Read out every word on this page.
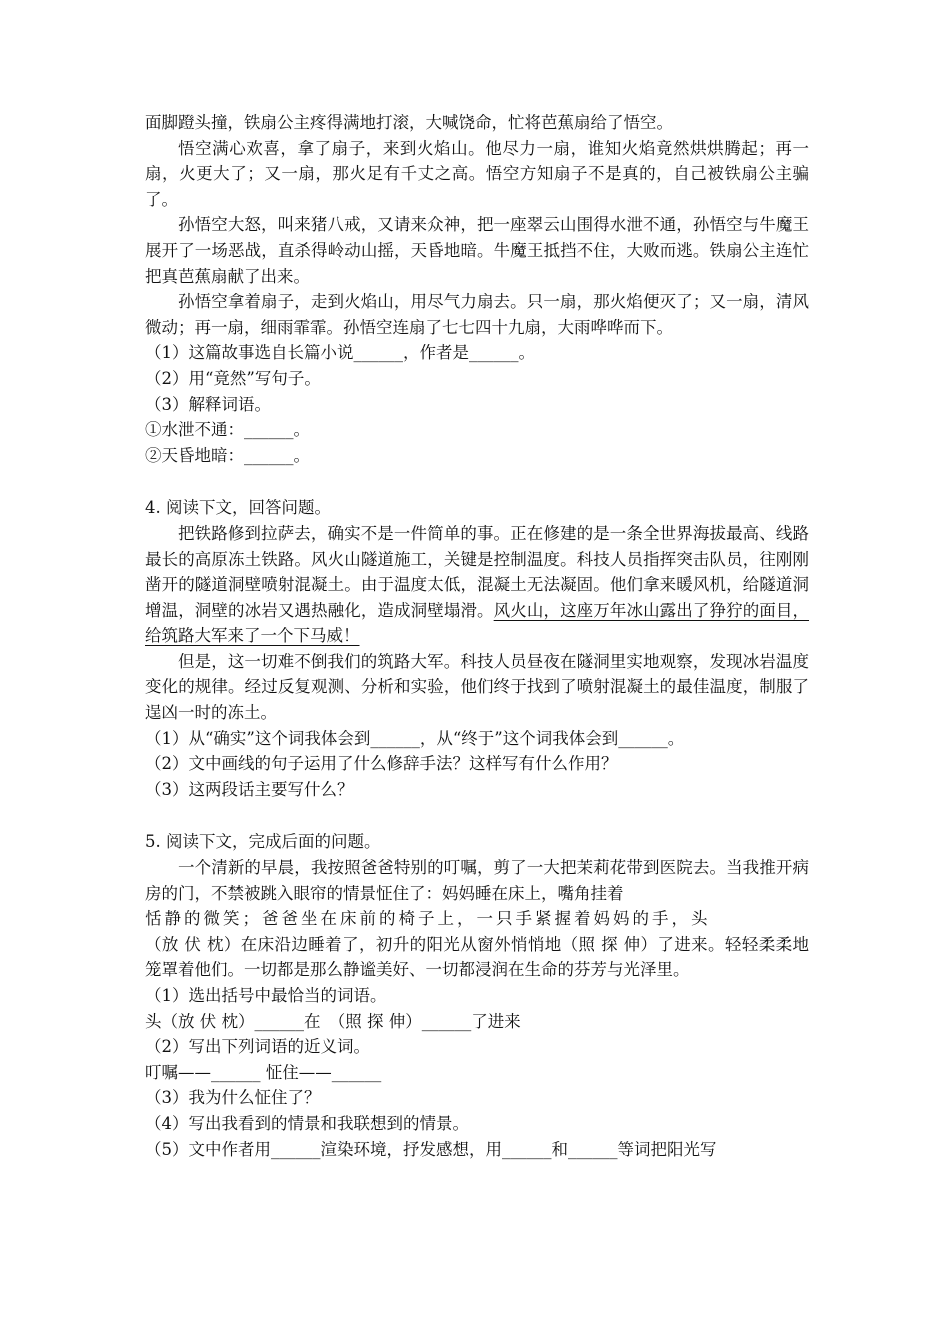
面脚蹬头撞，铁扇公主疼得满地打滚，大喊饶命，忙将芭蕉扇给了悟空。

悟空满心欢喜，拿了扇子，来到火焰山。他尽力一扇，谁知火焰竟然烘烘腾起；再一扇，火更大了；又一扇，那火足有千丈之高。悟空方知扇子不是真的，自己被铁扇公主骗了。

孙悟空大怒，叫来猪八戒，又请来众神，把一座翠云山围得水泄不通，孙悟空与牛魔王展开了一场恶战，直杀得岭动山摇，天昏地暗。牛魔王抵挡不住，大败而逃。铁扇公主连忙把真芭蕉扇献了出来。

孙悟空拿着扇子，走到火焰山，用尽气力扇去。只一扇，那火焰便灭了；又一扇，清风微动；再一扇，细雨霏霏。孙悟空连扇了七七四十九扇，大雨哗哗而下。

（1）这篇故事选自长篇小说______，作者是______。

（2）用“竟然”写句子。

（3）解释词语。

①水泄不通：______。

②天昏地暗：______。

4. 阅读下文，回答问题。

把铁路修到拉萨去，确实不是一件简单的事。正在修建的是一条全世界海拔最高、线路最长的高原冻土铁路。风火山隧道施工，关键是控制温度。科技人员指挥突击队员，往刚刚凿开的隧道洞壁喷射混凝土。由于温度太低，混凝土无法凝固。他们拿来暖风机，给隧道洞增温，洞壁的冰岩又遇热融化，造成洞壁塌滑。风火山，这座万年冰山露出了狰狞的面目，给筑路大军来了一个下马威！

但是，这一切难不倒我们的筑路大军。科技人员昼夜在隧洞里实地观察，发现冰岩温度变化的规律。经过反复观测、分析和实验，他们终于找到了喷射混凝土的最佳温度，制服了逞凶一时的冻土。

（1）从“确实”这个词我体会到______，从“终于”这个词我体会到______。

（2）文中画线的句子运用了什么修辞手法？这样写有什么作用？

（3）这两段话主要写什么？

5. 阅读下文，完成后面的问题。

一个清新的早晨，我按照爸爸特别的叮嘱，剪了一大把茉莉花带到医院去。当我推开病房的门，不禁被跳入眼帘的情景怔住了：妈妈睡在床上，嘴角挂着

恬静的微笑；爸爸坐在床前的椅子上，一只手紧握着妈妈的手，头

（放 伏 枕）在床沿边睡着了，初升的阳光从窗外悄悄地（照 探 伸）了进来。轻轻柔柔地笼罩着他们。一切都是那么静谧美好、一切都浸润在生命的芬芳与光泽里。

（1）选出括号中最恰当的词语。

头（放 伏 枕）______在　（照 探 伸）______了进来

（2）写出下列词语的近义词。

叮嘱——______ 怔住——______

（3）我为什么怔住了？

（4）写出我看到的情景和我联想到的情景。

（5）文中作者用______渲染环境，抒发感想，用______和______等词把阳光写
